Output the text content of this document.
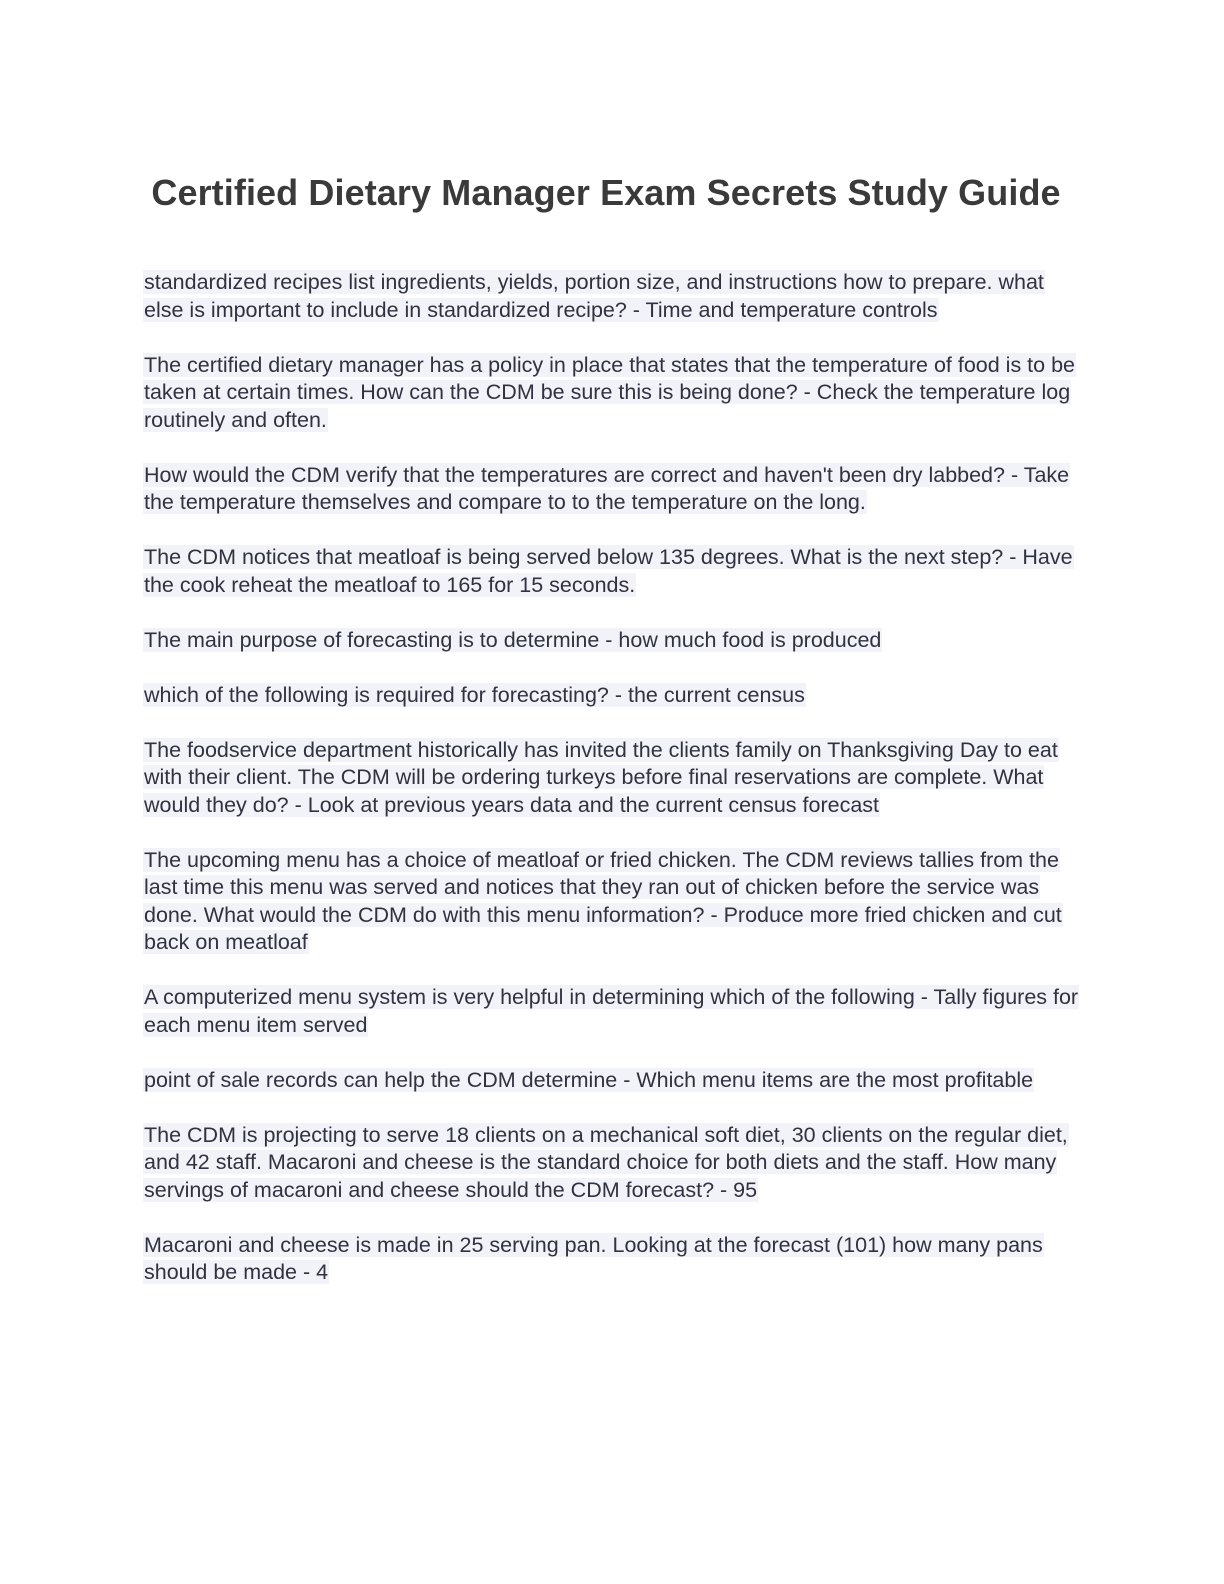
Certified Dietary Manager Exam Secrets Study Guide

standardized recipes list ingredients, yields, portion size, and instructions how to prepare. what else is important to include in standardized recipe? - Time and temperature controls

The certified dietary manager has a policy in place that states that the temperature of food is to be taken at certain times. How can the CDM be sure this is being done? - Check the temperature log routinely and often.

How would the CDM verify that the temperatures are correct and haven't been dry labbed? - Take the temperature themselves and compare to to the temperature on the long.

The CDM notices that meatloaf is being served below 135 degrees. What is the next step? - Have the cook reheat the meatloaf to 165 for 15 seconds.

The main purpose of forecasting is to determine - how much food is produced

which of the following is required for forecasting? - the current census

The foodservice department historically has invited the clients family on Thanksgiving Day to eat with their client. The CDM will be ordering turkeys before final reservations are complete. What would they do? - Look at previous years data and the current census forecast

The upcoming menu has a choice of meatloaf or fried chicken. The CDM reviews tallies from the last time this menu was served and notices that they ran out of chicken before the service was done. What would the CDM do with this menu information? - Produce more fried chicken and cut back on meatloaf

A computerized menu system is very helpful in determining which of the following - Tally figures for each menu item served

point of sale records can help the CDM determine - Which menu items are the most profitable

The CDM is projecting to serve 18 clients on a mechanical soft diet, 30 clients on the regular diet, and 42 staff. Macaroni and cheese is the standard choice for both diets and the staff. How many servings of macaroni and cheese should the CDM forecast? - 95

Macaroni and cheese is made in 25 serving pan. Looking at the forecast (101) how many pans should be made - 4
